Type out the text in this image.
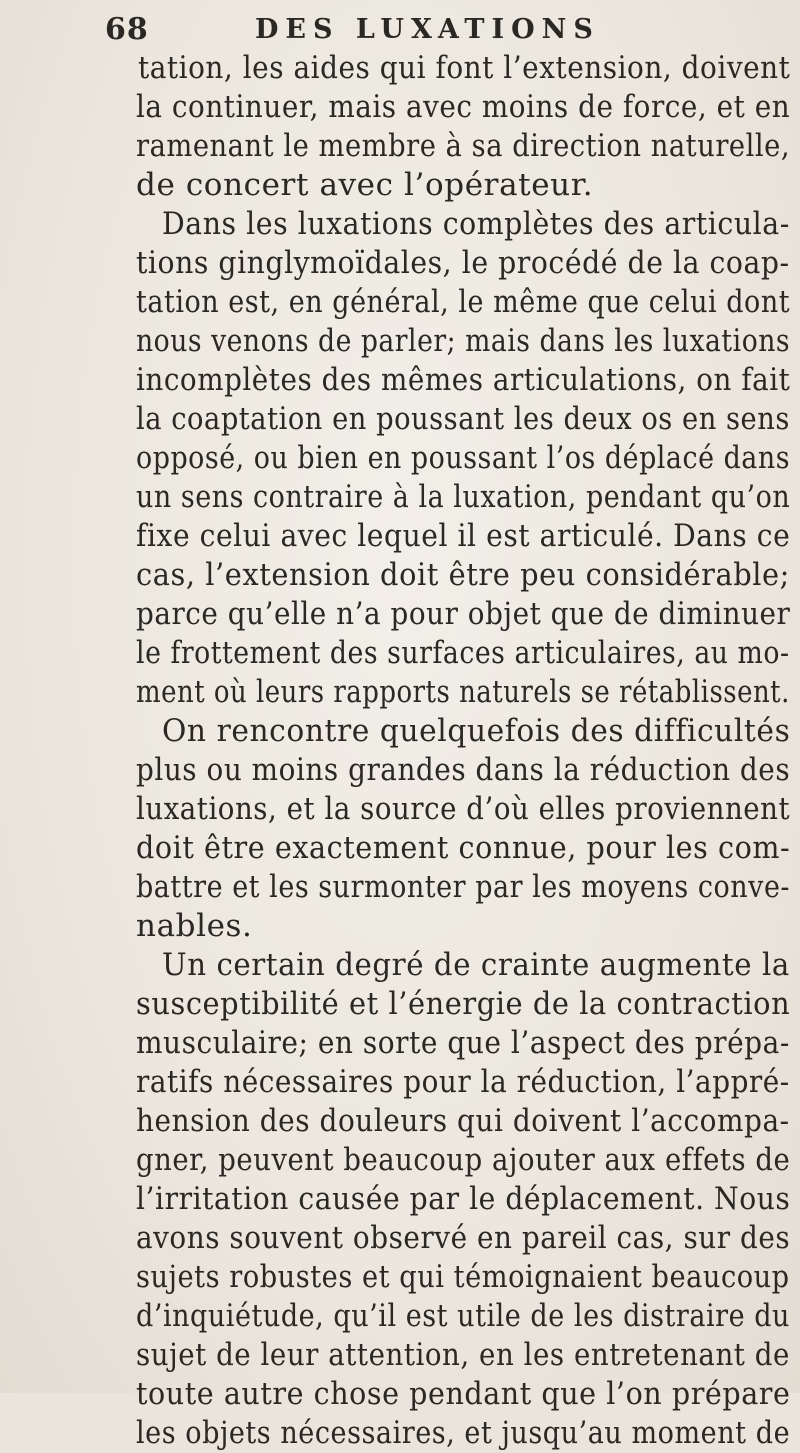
68	DES LUXATIONS
tation, les aides qui font l’extension, doivent
la continuer, mais avec moins de force, et en
ramenant le membre à sa direction naturelle,
de concert avec l’opérateur.
Dans les luxations complètes des articula-
tions ginglymoïdales, le procédé de la coap-
tation est, en général, le même que celui dont
nous venons de parler; mais dans les luxations
incomplètes des mêmes articulations, on fait
la coaptation en poussant les deux os en sens
opposé, ou bien en poussant l’os déplacé dans
un sens contraire à la luxation, pendant qu’on
fixe celui avec lequel il est articulé. Dans ce
cas, l’extension doit être peu considérable;
parce qu’elle n’a pour objet que de diminuer
le frottement des surfaces articulaires, au mo-
ment où leurs rapports naturels se rétablissent.
On rencontre quelquefois des difficultés
plus ou moins grandes dans la réduction des
luxations, et la source d’où elles proviennent
doit être exactement connue, pour les com-
battre et les surmonter par les moyens conve-
nables.
Un certain degré de crainte augmente la
susceptibilité et l’énergie de la contraction
musculaire; en sorte que l’aspect des prépa-
ratifs nécessaires pour la réduction, l’appré-
hension des douleurs qui doivent l’accompa-
gner, peuvent beaucoup ajouter aux effets de
l’irritation causée par le déplacement. Nous
avons souvent observé en pareil cas, sur des
sujets robustes et qui témoignaient beaucoup
d’inquiétude, qu’il est utile de les distraire du
sujet de leur attention, en les entretenant de
toute autre chose pendant que l’on prépare
les objets nécessaires, et jusqu’au moment de
